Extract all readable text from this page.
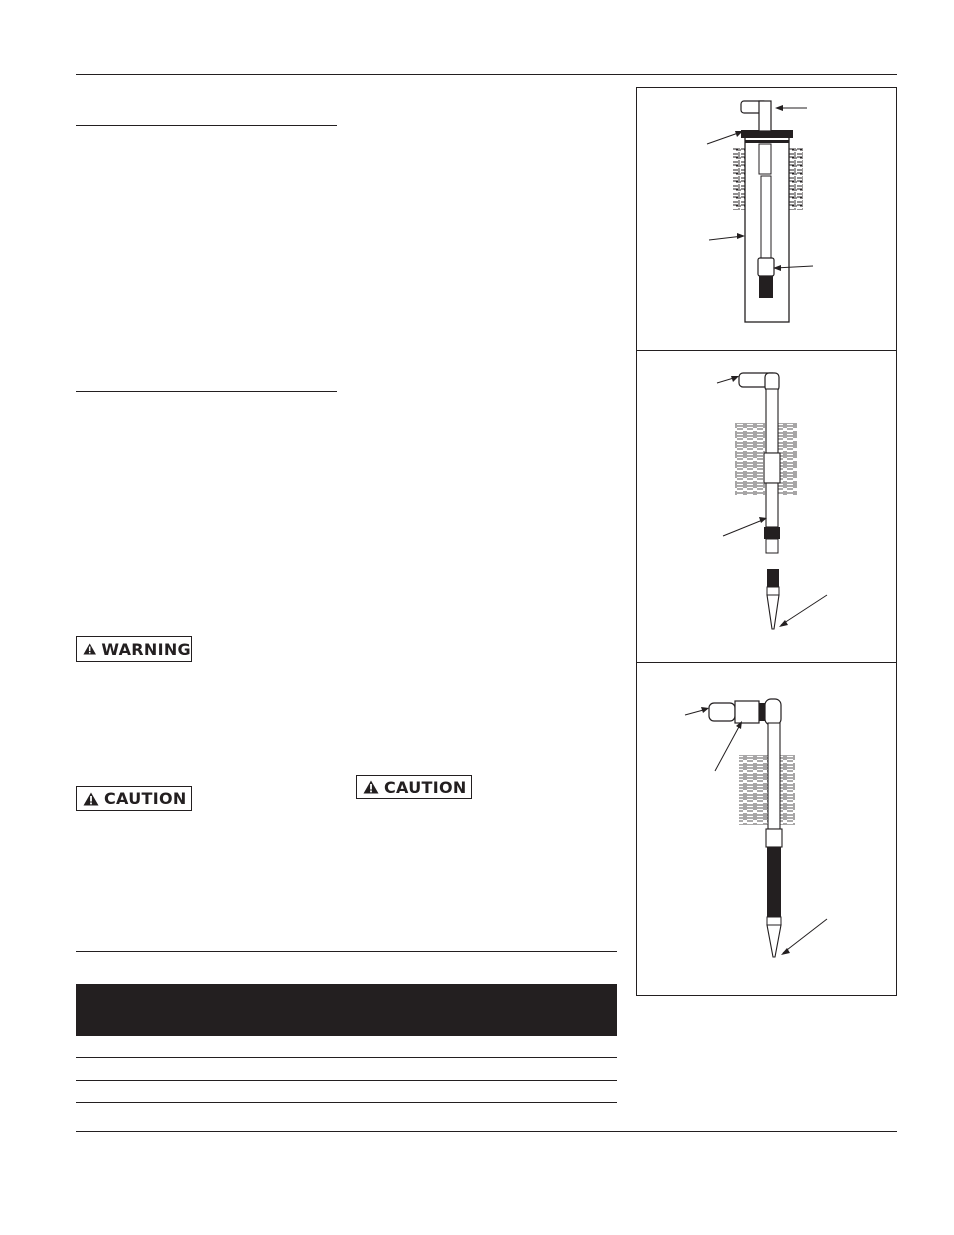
WARNING
CAUTION
CAUTION
